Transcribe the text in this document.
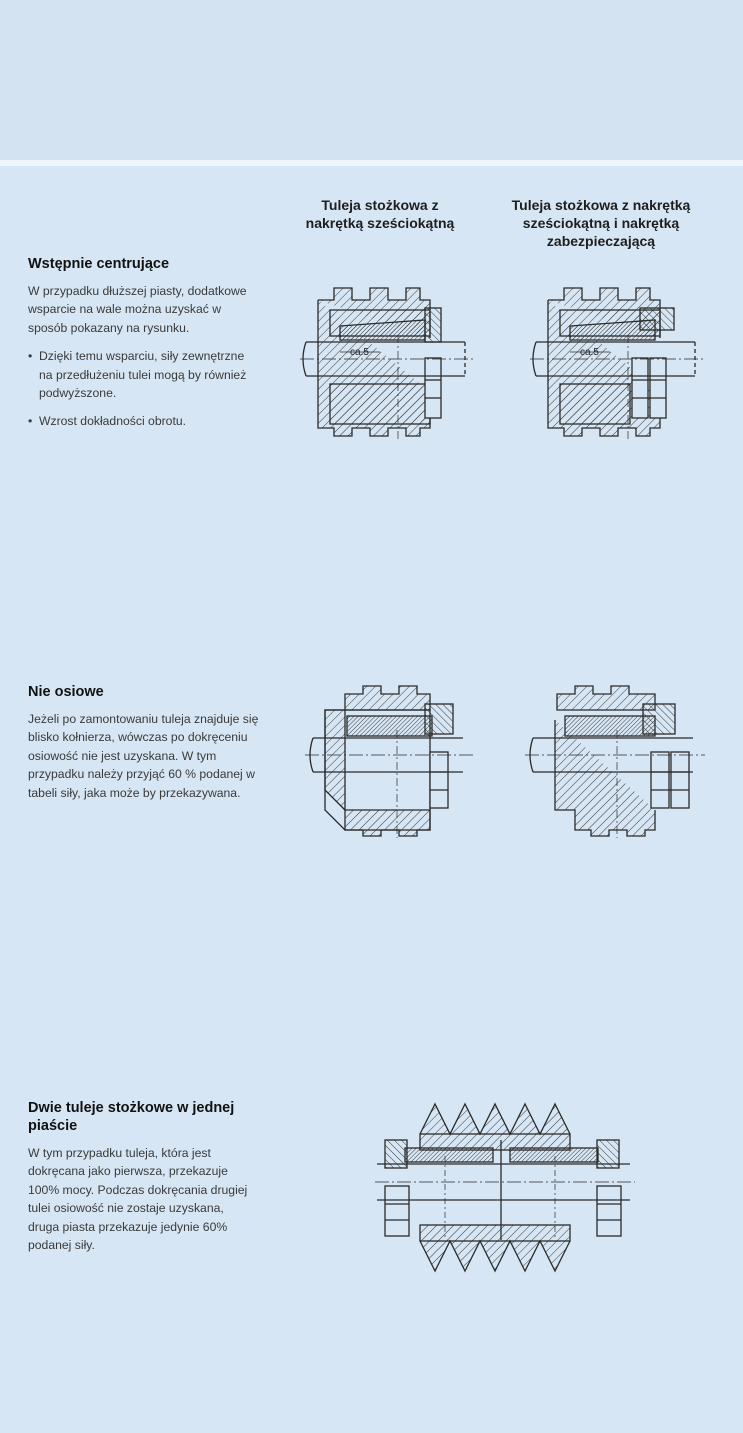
Tuleja stożkowa z
nakrętką sześciokątną
Tuleja stożkowa z nakrętką
sześciokątną i nakrętką
zabezpieczającą
Wstępnie centrujące

W przypadku dłuższej piasty, dodatkowe wsparcie na wale można uzyskać w sposób pokazany na rysunku.

• Dzięki temu wsparciu, siły zewnętrzne na przedłużeniu tulei mogą by również podwyższone.
• Wzrost dokładności obrotu.
Nie osiowe

Jeżeli po zamontowaniu tuleja znajduje się blisko kołnierza, wówczas po dokręceniu osiowość nie jest uzyskana. W tym przypadku należy przyjąć 60 % podanej w tabeli siły, jaka może by przekazywana.

Dwie tuleje stożkowe w jednej piaście

W tym przypadku tuleja, która jest dokręcana jako pierwsza, przekazuje 100% mocy. Podczas dokręcania drugiej tulei osiowość nie zostaje uzyskana, druga piasta przekazuje jedynie 60% podanej siły.

ca.5	ca.5
